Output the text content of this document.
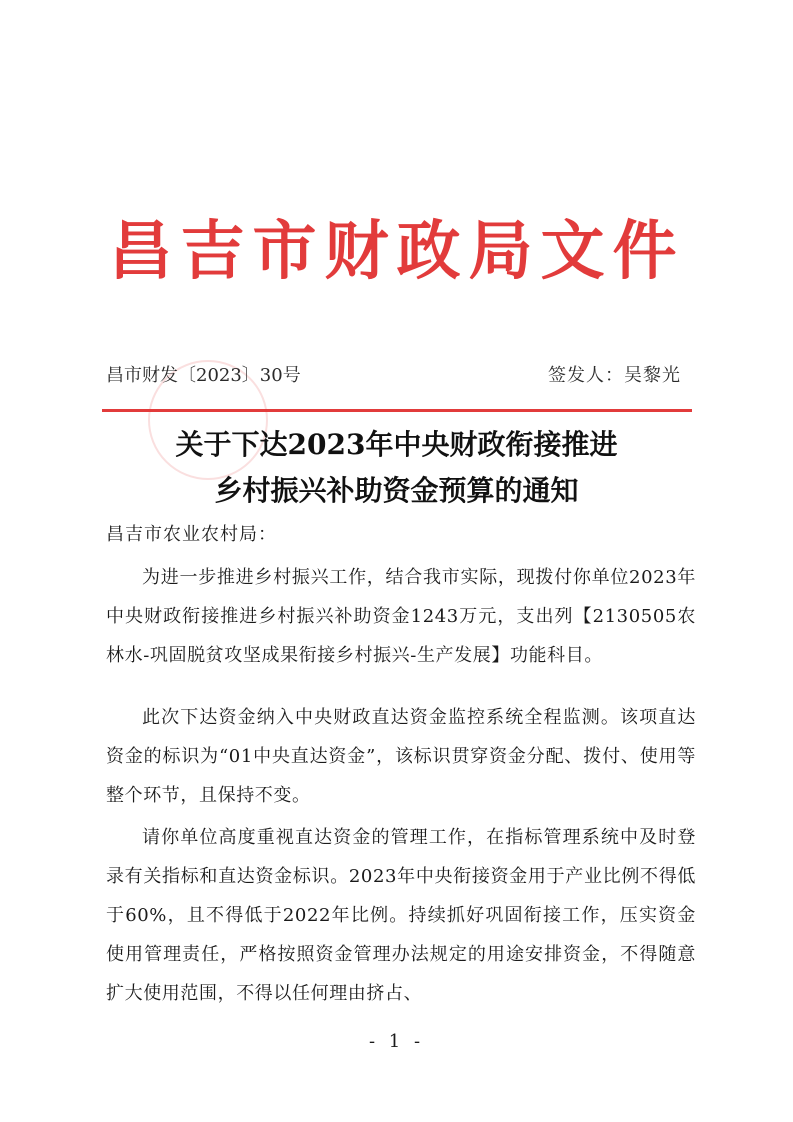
昌吉市财政局文件
昌市财发〔2023〕30号	签发人：吴黎光
关于下达2023年中央财政衔接推进
乡村振兴补助资金预算的通知
昌吉市农业农村局：
为进一步推进乡村振兴工作，结合我市实际，现拨付你单位2023年中央财政衔接推进乡村振兴补助资金1243万元，支出列【2130505农林水-巩固脱贫攻坚成果衔接乡村振兴-生产发展】功能科目。
此次下达资金纳入中央财政直达资金监控系统全程监测。该项直达资金的标识为“01中央直达资金”，该标识贯穿资金分配、拨付、使用等整个环节，且保持不变。
请你单位高度重视直达资金的管理工作，在指标管理系统中及时登录有关指标和直达资金标识。2023年中央衔接资金用于产业比例不得低于60%，且不得低于2022年比例。持续抓好巩固衔接工作，压实资金使用管理责任，严格按照资金管理办法规定的用途安排资金，不得随意扩大使用范围，不得以任何理由挤占、
- 1 -
